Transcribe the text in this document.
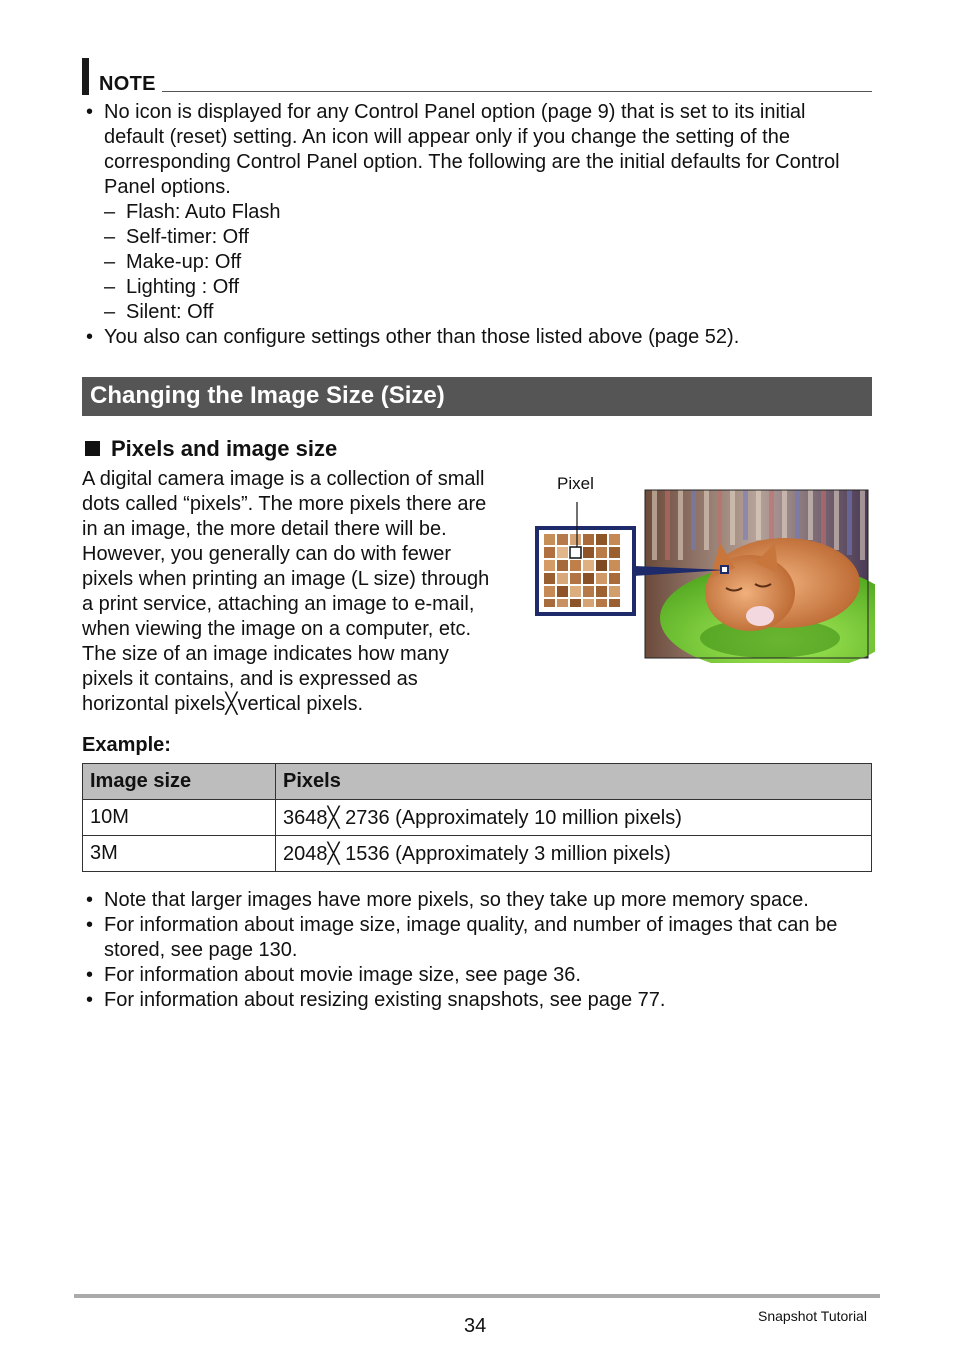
NOTE
• No icon is displayed for any Control Panel option (page 9) that is set to its initial
default (reset) setting. An icon will appear only if you change the setting of the
corresponding Control Panel option. The following are the initial defaults for Control
Panel options.
– Flash: Auto Flash
– Self-timer: Off
– Make-up: Off
– Lighting : Off
– Silent: Off
• You also can configure settings other than those listed above (page 52).
Changing the Image Size (Size)
Pixels and image size
A digital camera image is a collection of small
dots called “pixels”. The more pixels there are
in an image, the more detail there will be.
However, you generally can do with fewer
pixels when printing an image (L size) through
a print service, attaching an image to e-mail,
when viewing the image on a computer, etc.
The size of an image indicates how many
pixels it contains, and is expressed as
horizontal pixels╳vertical pixels.
Pixel
Example:
Image size	Pixels
10M	3648╳ 2736 (Approximately 10 million pixels)
3M	2048╳ 1536 (Approximately 3 million pixels)
• Note that larger images have more pixels, so they take up more memory space.
• For information about image size, image quality, and number of images that can be
stored, see page 130.
• For information about movie image size, see page 36.
• For information about resizing existing snapshots, see page 77.
34	Snapshot Tutorial
